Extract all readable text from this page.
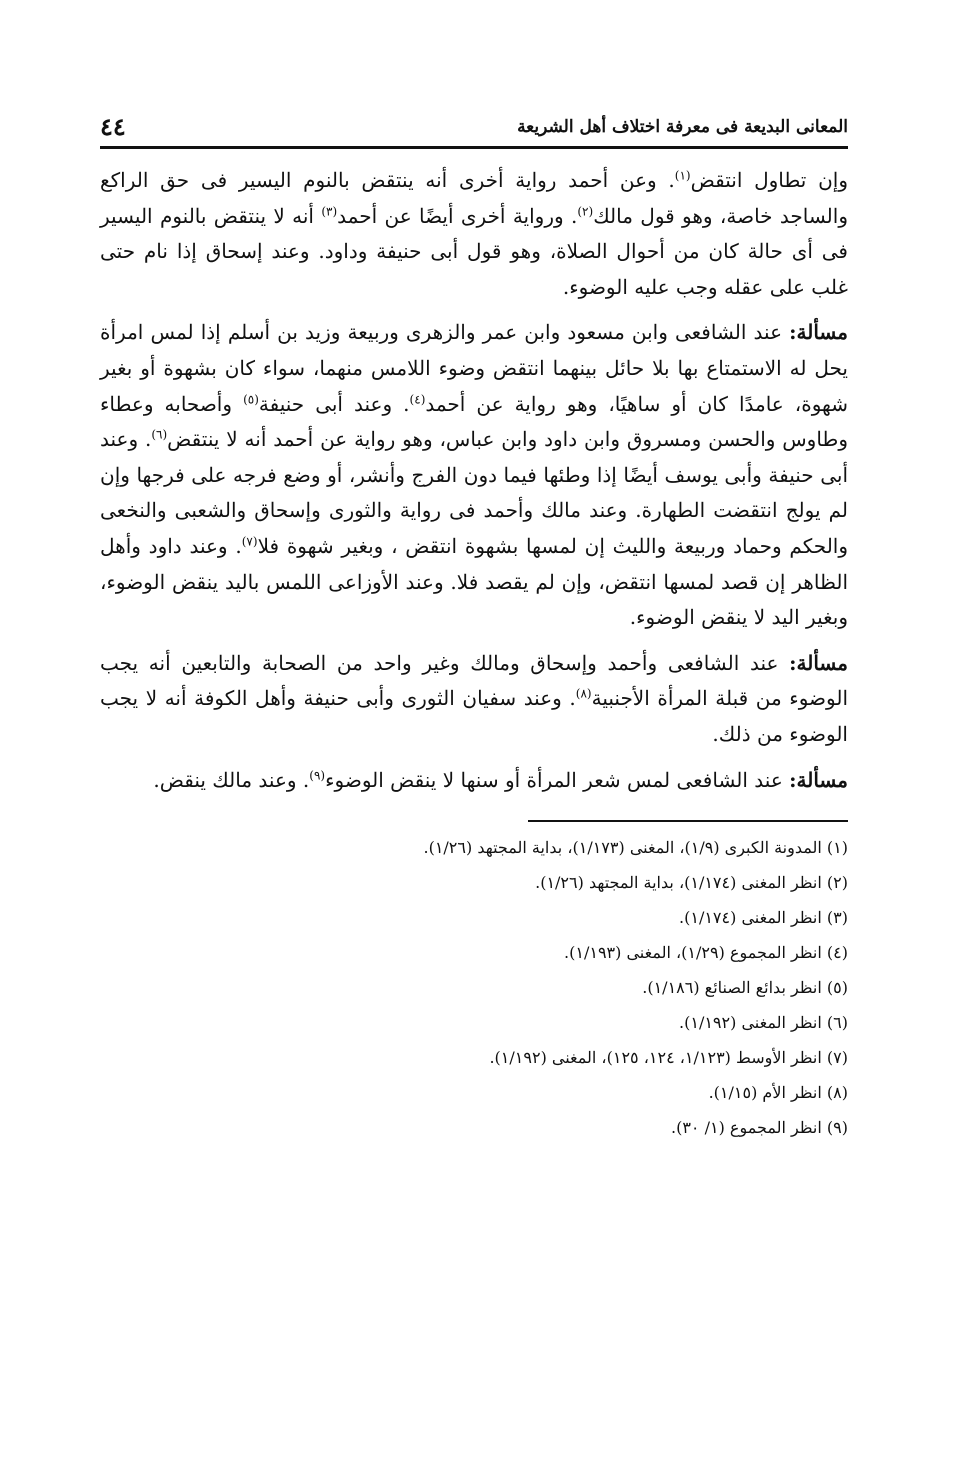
المعانى البديعة فى معرفة اختلاف أهل الشريعة
٤٤

وإن تطاول انتقض$^{(١)}$. وعن أحمد رواية أخرى أنه ينتقض بالنوم اليسير فى حق الراكع والساجد خاصة، وهو قول مالك$^{(٢)}$. ورواية أخرى أيضًا عن أحمد$^{(٣)}$ أنه لا ينتقض بالنوم اليسير فى أى حالة كان من أحوال الصلاة، وهو قول أبى حنيفة وداود. وعند إسحاق إذا نام حتى غلب على عقله وجب عليه الوضوء.

مسألة: عند الشافعى وابن مسعود وابن عمر والزهرى وربيعة وزيد بن أسلم إذا لمس امرأة يحل له الاستمتاع بها بلا حائل بينهما انتقض وضوء اللامس منهما، سواء كان بشهوة أو بغير شهوة، عامدًا كان أو ساهيًا، وهو رواية عن أحمد$^{(٤)}$. وعند أبى حنيفة$^{(٥)}$ وأصحابه وعطاء وطاوس والحسن ومسروق وابن داود وابن عباس، وهو رواية عن أحمد أنه لا ينتقض$^{(٦)}$. وعند أبى حنيفة وأبى يوسف أيضًا إذا وطئها فيما دون الفرج وأنشر، أو وضع فرجه على فرجها وإن لم يولج انتقضت الطهارة. وعند مالك وأحمد فى رواية والثورى وإسحاق والشعبى والنخعى والحكم وحماد وربيعة والليث إن لمسها بشهوة انتقض ، وبغير شهوة فلا$^{(٧)}$. وعند داود وأهل الظاهر إن قصد لمسها انتقض، وإن لم يقصد فلا. وعند الأوزاعى اللمس باليد ينقض الوضوء، وبغير اليد لا ينقض الوضوء.

مسألة: عند الشافعى وأحمد وإسحاق ومالك وغير واحد من الصحابة والتابعين أنه يجب الوضوء من قبلة المرأة الأجنبية$^{(٨)}$. وعند سفيان الثورى وأبى حنيفة وأهل الكوفة أنه لا يجب الوضوء من ذلك.

مسألة: عند الشافعى لمس شعر المرأة أو سنها لا ينقض الوضوء$^{(٩)}$. وعند مالك ينقض.

(١) المدونة الكبرى (١/٩)، المغنى (١/١٧٣)، بداية المجتهد (١/٢٦).
(٢) انظر المغنى (١/١٧٤)، بداية المجتهد (١/٢٦).
(٣) انظر المغنى (١/١٧٤).
(٤) انظر المجموع (١/٢٩)، المغنى (١/١٩٣).
(٥) انظر بدائع الصنائع (١/١٨٦).
(٦) انظر المغنى (١/١٩٢).
(٧) انظر الأوسط (١/١٢٣، ١٢٤، ١٢٥)، المغنى (١/١٩٢).
(٨) انظر الأم (١/١٥).
(٩) انظر المجموع (١/ ٣٠).
